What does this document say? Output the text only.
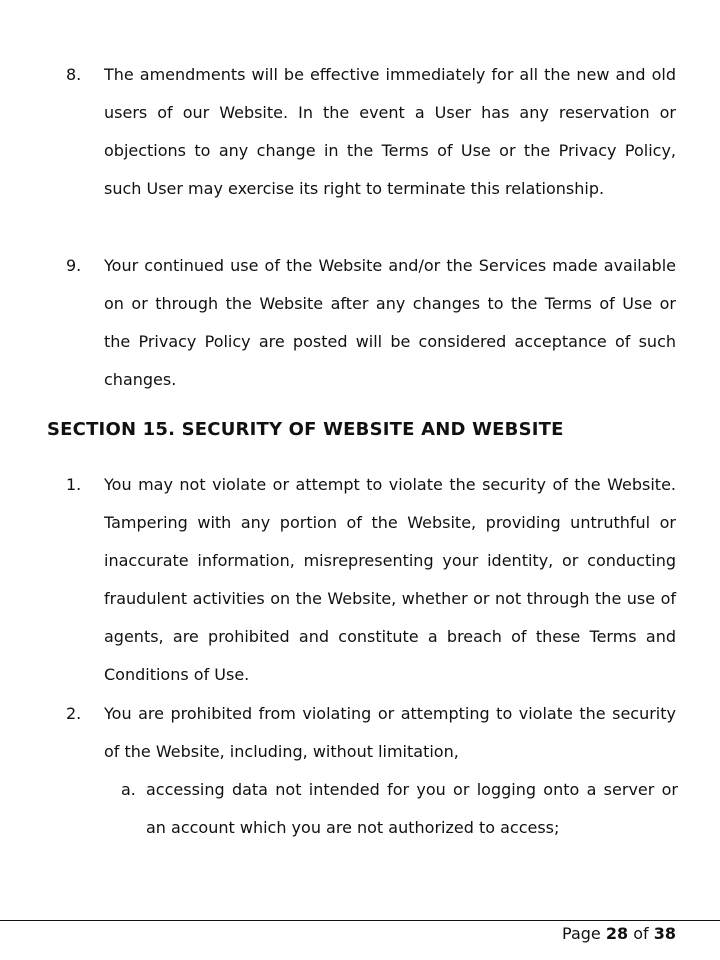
8. The amendments will be effective immediately for all the new and old users of our Website. In the event a User has any reservation or objections to any change in the Terms of Use or the Privacy Policy, such User may exercise its right to terminate this relationship.
9. Your continued use of the Website and/or the Services made available on or through the Website after any changes to the Terms of Use or the Privacy Policy are posted will be considered acceptance of such changes.
SECTION 15. SECURITY OF WEBSITE AND WEBSITE
1. You may not violate or attempt to violate the security of the Website. Tampering with any portion of the Website, providing untruthful or inaccurate information, misrepresenting your identity, or conducting fraudulent activities on the Website, whether or not through the use of agents, are prohibited and constitute a breach of these Terms and Conditions of Use.
2. You are prohibited from violating or attempting to violate the security of the Website, including, without limitation,
a. accessing data not intended for you or logging onto a server or an account which you are not authorized to access;
Page 28 of 38
